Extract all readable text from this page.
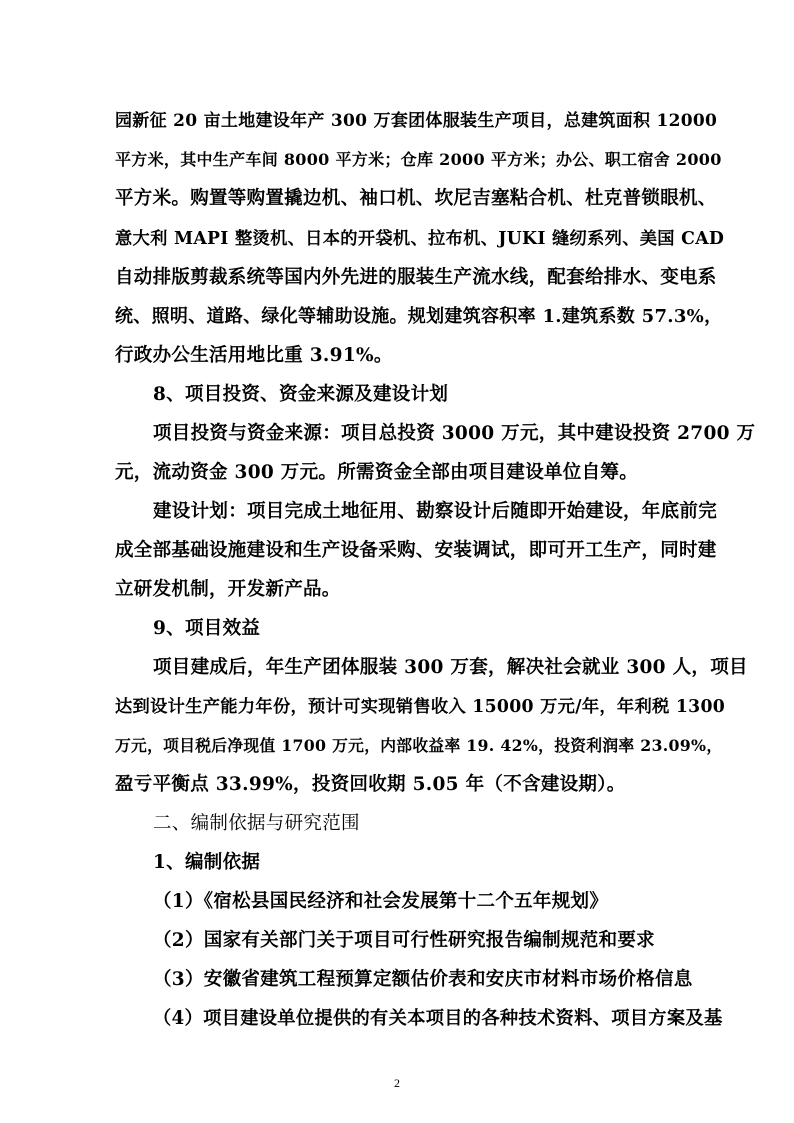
园新征 20 亩土地建设年产 300 万套团体服装生产项目，总建筑面积 12000
平方米，其中生产车间 8000 平方米；仓库 2000 平方米；办公、职工宿舍 2000
平方米。购置等购置撬边机、袖口机、坎尼吉塞粘合机、杜克普锁眼机、
意大利 MAPI 整烫机、日本的开袋机、拉布机、JUKI 缝纫系列、美国 CAD
自动排版剪裁系统等国内外先进的服装生产流水线，配套给排水、变电系
统、照明、道路、绿化等辅助设施。规划建筑容积率 1.建筑系数 57.3%，
行政办公生活用地比重 3.91%。
8、项目投资、资金来源及建设计划
项目投资与资金来源：项目总投资 3000 万元，其中建设投资 2700 万
元，流动资金 300 万元。所需资金全部由项目建设单位自筹。
建设计划：项目完成土地征用、勘察设计后随即开始建设，年底前完
成全部基础设施建设和生产设备采购、安装调试，即可开工生产，同时建
立研发机制，开发新产品。
9、项目效益
项目建成后，年生产团体服装 300 万套，解决社会就业 300 人，项目
达到设计生产能力年份，预计可实现销售收入 15000 万元/年，年利税 1300
万元，项目税后净现值 1700 万元，内部收益率 19. 42%，投资利润率 23.09%，
盈亏平衡点 33.99%，投资回收期 5.05 年（不含建设期）。
二、编制依据与研究范围
1、编制依据
（1）《宿松县国民经济和社会发展第十二个五年规划》
（2）国家有关部门关于项目可行性研究报告编制规范和要求
（3）安徽省建筑工程预算定额估价表和安庆市材料市场价格信息
（4）项目建设单位提供的有关本项目的各种技术资料、项目方案及基
2
